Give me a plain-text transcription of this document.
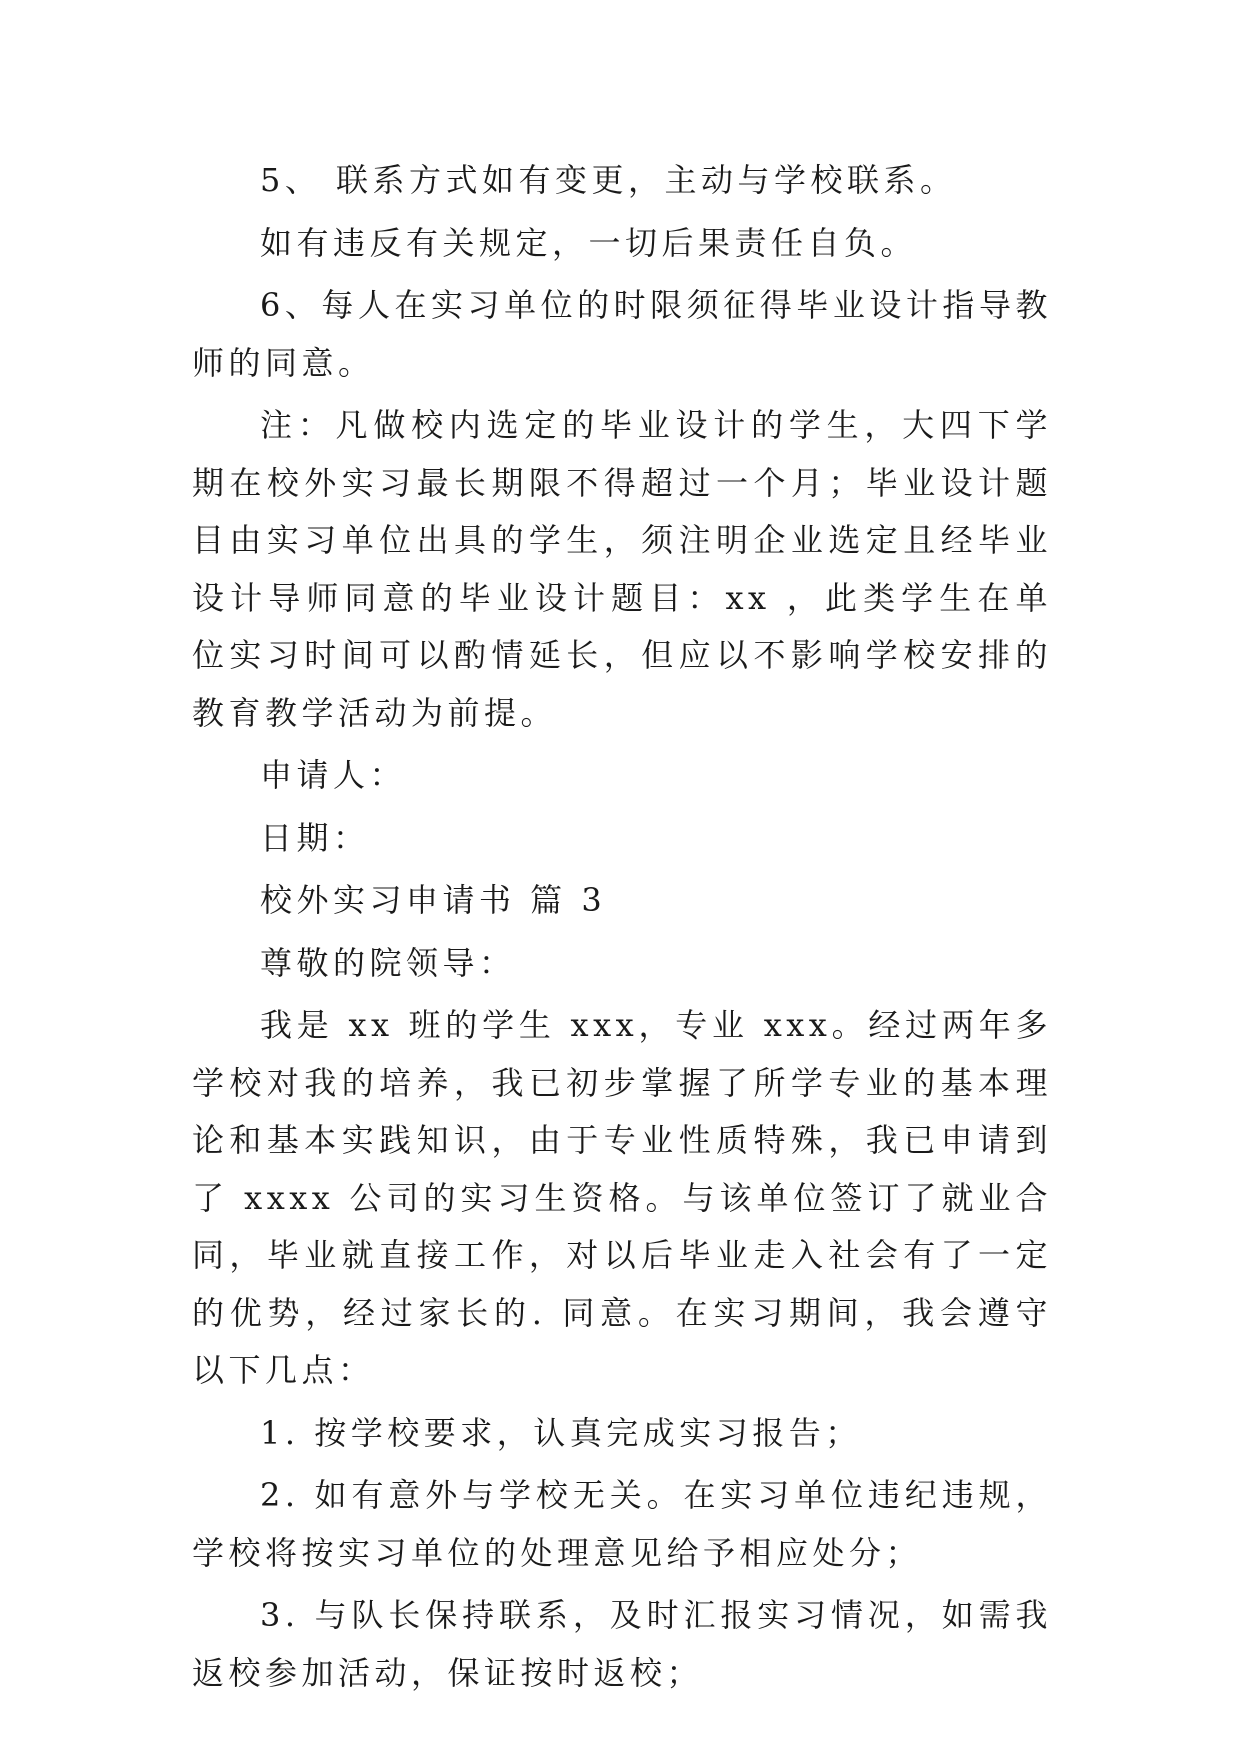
5、 联系方式如有变更，主动与学校联系。

如有违反有关规定，一切后果责任自负。

6、每人在实习单位的时限须征得毕业设计指导教师的同意。

注：凡做校内选定的毕业设计的学生，大四下学期在校外实习最长期限不得超过一个月；毕业设计题目由实习单位出具的学生，须注明企业选定且经毕业设计导师同意的毕业设计题目：xx ，此类学生在单位实习时间可以酌情延长，但应以不影响学校安排的教育教学活动为前提。

申请人：

日期：

校外实习申请书 篇 3

尊敬的院领导：

我是 xx 班的学生 xxx，专业 xxx。经过两年多学校对我的培养，我已初步掌握了所学专业的基本理论和基本实践知识，由于专业性质特殊，我已申请到了 xxxx 公司的实习生资格。与该单位签订了就业合同，毕业就直接工作，对以后毕业走入社会有了一定的优势，经过家长的. 同意。在实习期间，我会遵守以下几点：

1. 按学校要求，认真完成实习报告；

2. 如有意外与学校无关。在实习单位违纪违规，学校将按实习单位的处理意见给予相应处分；

3. 与队长保持联系，及时汇报实习情况，如需我返校参加活动，保证按时返校；
